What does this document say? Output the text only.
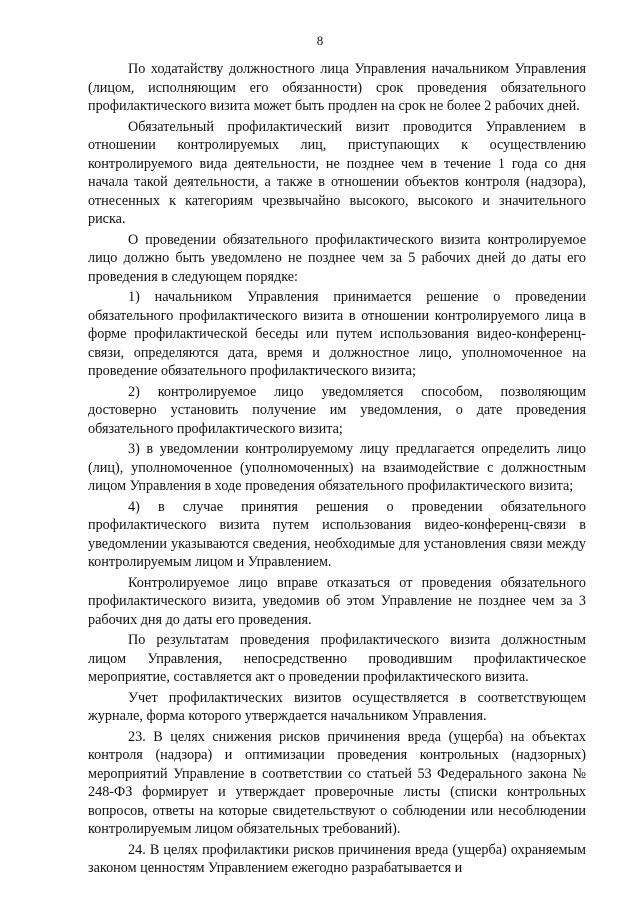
8

По ходатайству должностного лица Управления начальником Управления (лицом, исполняющим его обязанности) срок проведения обязательного профилактического визита может быть продлен на срок не более 2 рабочих дней.

Обязательный профилактический визит проводится Управлением в отношении контролируемых лиц, приступающих к осуществлению контролируемого вида деятельности, не позднее чем в течение 1 года со дня начала такой деятельности, а также в отношении объектов контроля (надзора), отнесенных к категориям чрезвычайно высокого, высокого и значительного риска.

О проведении обязательного профилактического визита контролируемое лицо должно быть уведомлено не позднее чем за 5 рабочих дней до даты его проведения в следующем порядке:

1) начальником Управления принимается решение о проведении обязательного профилактического визита в отношении контролируемого лица в форме профилактической беседы или путем использования видео-конференц-связи, определяются дата, время и должностное лицо, уполномоченное на проведение обязательного профилактического визита;

2) контролируемое лицо уведомляется способом, позволяющим достоверно установить получение им уведомления, о дате проведения обязательного профилактического визита;

3) в уведомлении контролируемому лицу предлагается определить лицо (лиц), уполномоченное (уполномоченных) на взаимодействие с должностным лицом Управления в ходе проведения обязательного профилактического визита;

4) в случае принятия решения о проведении обязательного профилактического визита путем использования видео-конференц-связи в уведомлении указываются сведения, необходимые для установления связи между контролируемым лицом и Управлением.

Контролируемое лицо вправе отказаться от проведения обязательного профилактического визита, уведомив об этом Управление не позднее чем за 3 рабочих дня до даты его проведения.

По результатам проведения профилактического визита должностным лицом Управления, непосредственно проводившим профилактическое мероприятие, составляется акт о проведении профилактического визита.

Учет профилактических визитов осуществляется в соответствующем журнале, форма которого утверждается начальником Управления.

23. В целях снижения рисков причинения вреда (ущерба) на объектах контроля (надзора) и оптимизации проведения контрольных (надзорных) мероприятий Управление в соответствии со статьей 53 Федерального закона № 248-ФЗ формирует и утверждает проверочные листы (списки контрольных вопросов, ответы на которые свидетельствуют о соблюдении или несоблюдении контролируемым лицом обязательных требований).

24. В целях профилактики рисков причинения вреда (ущерба) охраняемым законом ценностям Управлением ежегодно разрабатывается и
